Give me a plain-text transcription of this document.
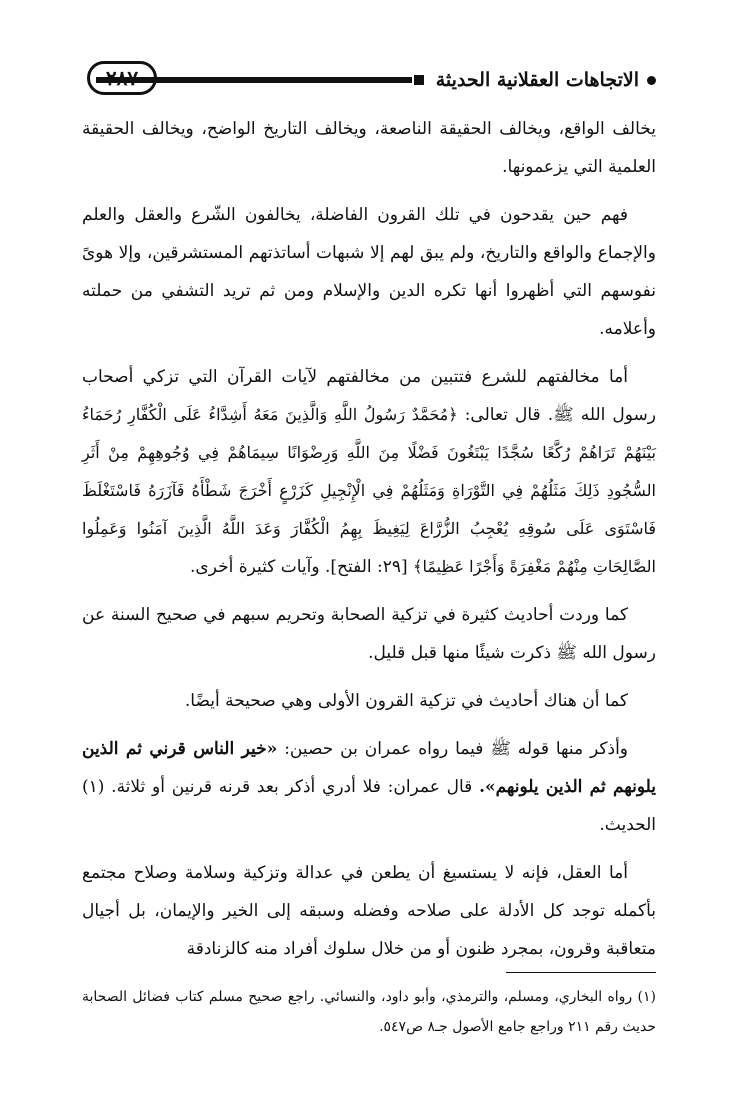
الاتجاهات العقلانية الحديثة
٢٨٧

يخالف الواقع، ويخالف الحقيقة الناصعة، ويخالف التاريخ الواضح، ويخالف الحقيقة العلمية التي يزعمونها.

فهم حين يقدحون في تلك القرون الفاضلة، يخالفون الشّرع والعقل والعلم والإجماع والواقع والتاريخ، ولم يبق لهم إلا شبهات أساتذتهم المستشرقين، وإلا هوىً نفوسهم التي أظهروا أنها تكره الدين والإسلام ومن ثم تريد التشفي من حملته وأعلامه.

أما مخالفتهم للشرع فتتبين من مخالفتهم لآيات القرآن التي تزكي أصحاب رسول الله ﷺ. قال تعالى: ﴿مُحَمَّدٌ رَسُولُ اللَّهِ وَالَّذِينَ مَعَهُ أَشِدَّاءُ عَلَى الْكُفَّارِ رُحَمَاءُ بَيْنَهُمْ تَرَاهُمْ رُكَّعًا سُجَّدًا يَبْتَغُونَ فَضْلًا مِنَ اللَّهِ وَرِضْوَانًا سِيمَاهُمْ فِي وُجُوهِهِمْ مِنْ أَثَرِ السُّجُودِ ذَلِكَ مَثَلُهُمْ فِي التَّوْرَاةِ وَمَثَلُهُمْ فِي الْإِنْجِيلِ كَزَرْعٍ أَخْرَجَ شَطْأَهُ فَآزَرَهُ فَاسْتَغْلَظَ فَاسْتَوَى عَلَى سُوقِهِ يُعْجِبُ الزُّرَّاعَ لِيَغِيظَ بِهِمُ الْكُفَّارَ وَعَدَ اللَّهُ الَّذِينَ آمَنُوا وَعَمِلُوا الصَّالِحَاتِ مِنْهُمْ مَغْفِرَةً وَأَجْرًا عَظِيمًا﴾ [٢٩: الفتح]. وآيات كثيرة أخرى.

كما وردت أحاديث كثيرة في تزكية الصحابة وتحريم سبهم في صحيح السنة عن رسول الله ﷺ ذكرت شيئًا منها قبل قليل.

كما أن هناك أحاديث في تزكية القرون الأولى وهي صحيحة أيضًا.

وأذكر منها قوله ﷺ فيما رواه عمران بن حصين: «خير الناس قرني ثم الذين يلونهم ثم الذين يلونهم». قال عمران: فلا أدري أذكر بعد قرنه قرنين أو ثلاثة. (١) الحديث.

أما العقل، فإنه لا يستسيغ أن يطعن في عدالة وتزكية وسلامة وصلاح مجتمع بأكمله توجد كل الأدلة على صلاحه وفضله وسبقه إلى الخير والإيمان، بل أجيال متعاقبة وقرون، بمجرد ظنون أو من خلال سلوك أفراد منه كالزنادقة

(١) رواه البخاري، ومسلم، والترمذي، وأبو داود، والنسائي. راجع صحيح مسلم كتاب فضائل الصحابة حديث رقم ٢١١ وراجع جامع الأصول جـ٨ ص٥٤٧.
